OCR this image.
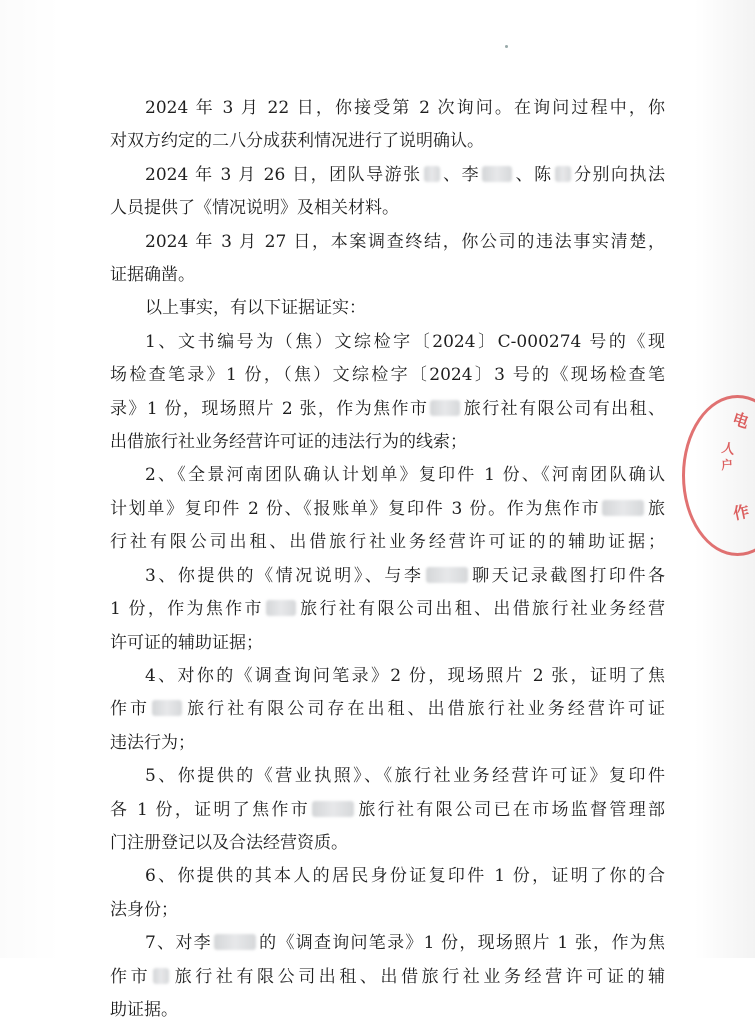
2024 年 3 月 22 日，你接受第 2 次询问。在询问过程中，你
对双方约定的二八分成获利情况进行了说明确认。
2024 年 3 月 26 日，团队导游张 、李 、陈 分别向执法
人员提供了《情况说明》及相关材料。
2024 年 3 月 27 日，本案调查终结，你公司的违法事实清楚，
证据确凿。
以上事实，有以下证据证实：
1、文书编号为（焦）文综检字〔2024〕C-000274 号的《现
场检查笔录》1 份，（焦）文综检字〔2024〕3 号的《现场检查笔
录》1 份，现场照片 2 张，作为焦作市 旅行社有限公司有出租、
出借旅行社业务经营许可证的违法行为的线索；
2、《全景河南团队确认计划单》复印件 1 份、《河南团队确认
计划单》复印件 2 份、《报账单》复印件 3 份。作为焦作市	旅
行社有限公司出租、出借旅行社业务经营许可证的的辅助证据；
3、你提供的《情况说明》、与李	聊天记录截图打印件各
1 份，作为焦作市 旅行社有限公司出租、出借旅行社业务经营
许可证的辅助证据；
4、对你的《调查询问笔录》2 份，现场照片 2 张，证明了焦
作市 旅行社有限公司存在出租、出借旅行社业务经营许可证
违法行为；
5、你提供的《营业执照》、《旅行社业务经营许可证》复印件
各 1 份，证明了焦作市	旅行社有限公司已在市场监督管理部
门注册登记以及合法经营资质。
6、你提供的其本人的居民身份证复印件 1 份，证明了你的合
法身份；
7、对李	的《调查询问笔录》1 份，现场照片 1 张，作为焦
作市 旅行社有限公司出租、出借旅行社业务经营许可证的辅
助证据。
电
人
户
作
